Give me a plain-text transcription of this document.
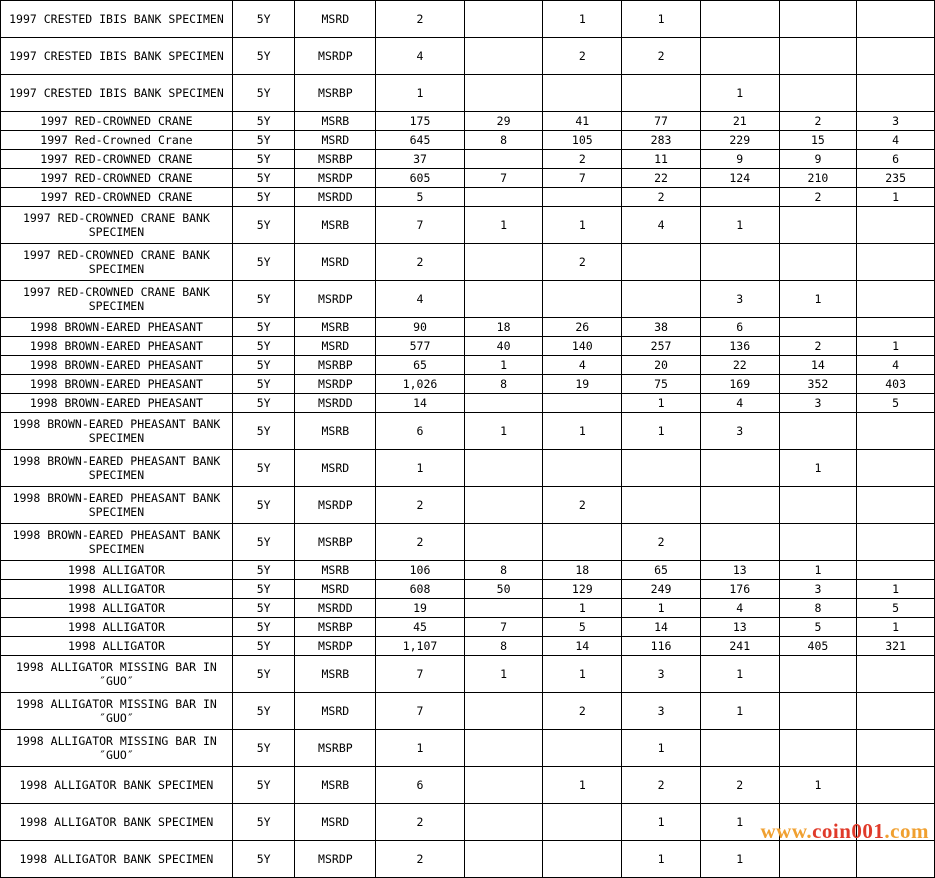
1997 CRESTED IBIS BANK SPECIMEN	5Y	MSRD	2		1	1			
1997 CRESTED IBIS BANK SPECIMEN	5Y	MSRDP	4		2	2			
1997 CRESTED IBIS BANK SPECIMEN	5Y	MSRBP	1				1		
1997 RED-CROWNED CRANE	5Y	MSRB	175	29	41	77	21	2	3
1997 Red-Crowned Crane	5Y	MSRD	645	8	105	283	229	15	4
1997 RED-CROWNED CRANE	5Y	MSRBP	37		2	11	9	9	6
1997 RED-CROWNED CRANE	5Y	MSRDP	605	7	7	22	124	210	235
1997 RED-CROWNED CRANE	5Y	MSRDD	5			2		2	1
1997 RED-CROWNED CRANE BANK SPECIMEN	5Y	MSRB	7	1	1	4	1		
1997 RED-CROWNED CRANE BANK SPECIMEN	5Y	MSRD	2		2				
1997 RED-CROWNED CRANE BANK SPECIMEN	5Y	MSRDP	4				3	1	
1998 BROWN-EARED PHEASANT	5Y	MSRB	90	18	26	38	6		
1998 BROWN-EARED PHEASANT	5Y	MSRD	577	40	140	257	136	2	1
1998 BROWN-EARED PHEASANT	5Y	MSRBP	65	1	4	20	22	14	4
1998 BROWN-EARED PHEASANT	5Y	MSRDP	1,026	8	19	75	169	352	403
1998 BROWN-EARED PHEASANT	5Y	MSRDD	14			1	4	3	5
1998 BROWN-EARED PHEASANT BANK SPECIMEN	5Y	MSRB	6	1	1	1	3		
1998 BROWN-EARED PHEASANT BANK SPECIMEN	5Y	MSRD	1					1	
1998 BROWN-EARED PHEASANT BANK SPECIMEN	5Y	MSRDP	2		2				
1998 BROWN-EARED PHEASANT BANK SPECIMEN	5Y	MSRBP	2			2			
1998 ALLIGATOR	5Y	MSRB	106	8	18	65	13	1	
1998 ALLIGATOR	5Y	MSRD	608	50	129	249	176	3	1
1998 ALLIGATOR	5Y	MSRDD	19		1	1	4	8	5
1998 ALLIGATOR	5Y	MSRBP	45	7	5	14	13	5	1
1998 ALLIGATOR	5Y	MSRDP	1,107	8	14	116	241	405	321
1998 ALLIGATOR MISSING BAR IN ″GUO″	5Y	MSRB	7	1	1	3	1		
1998 ALLIGATOR MISSING BAR IN ″GUO″	5Y	MSRD	7		2	3	1		
1998 ALLIGATOR MISSING BAR IN ″GUO″	5Y	MSRBP	1			1			
1998 ALLIGATOR BANK SPECIMEN	5Y	MSRB	6		1	2	2	1	
1998 ALLIGATOR BANK SPECIMEN	5Y	MSRD	2			1	1		
1998 ALLIGATOR BANK SPECIMEN	5Y	MSRDP	2			1	1		
www.coin001.com
